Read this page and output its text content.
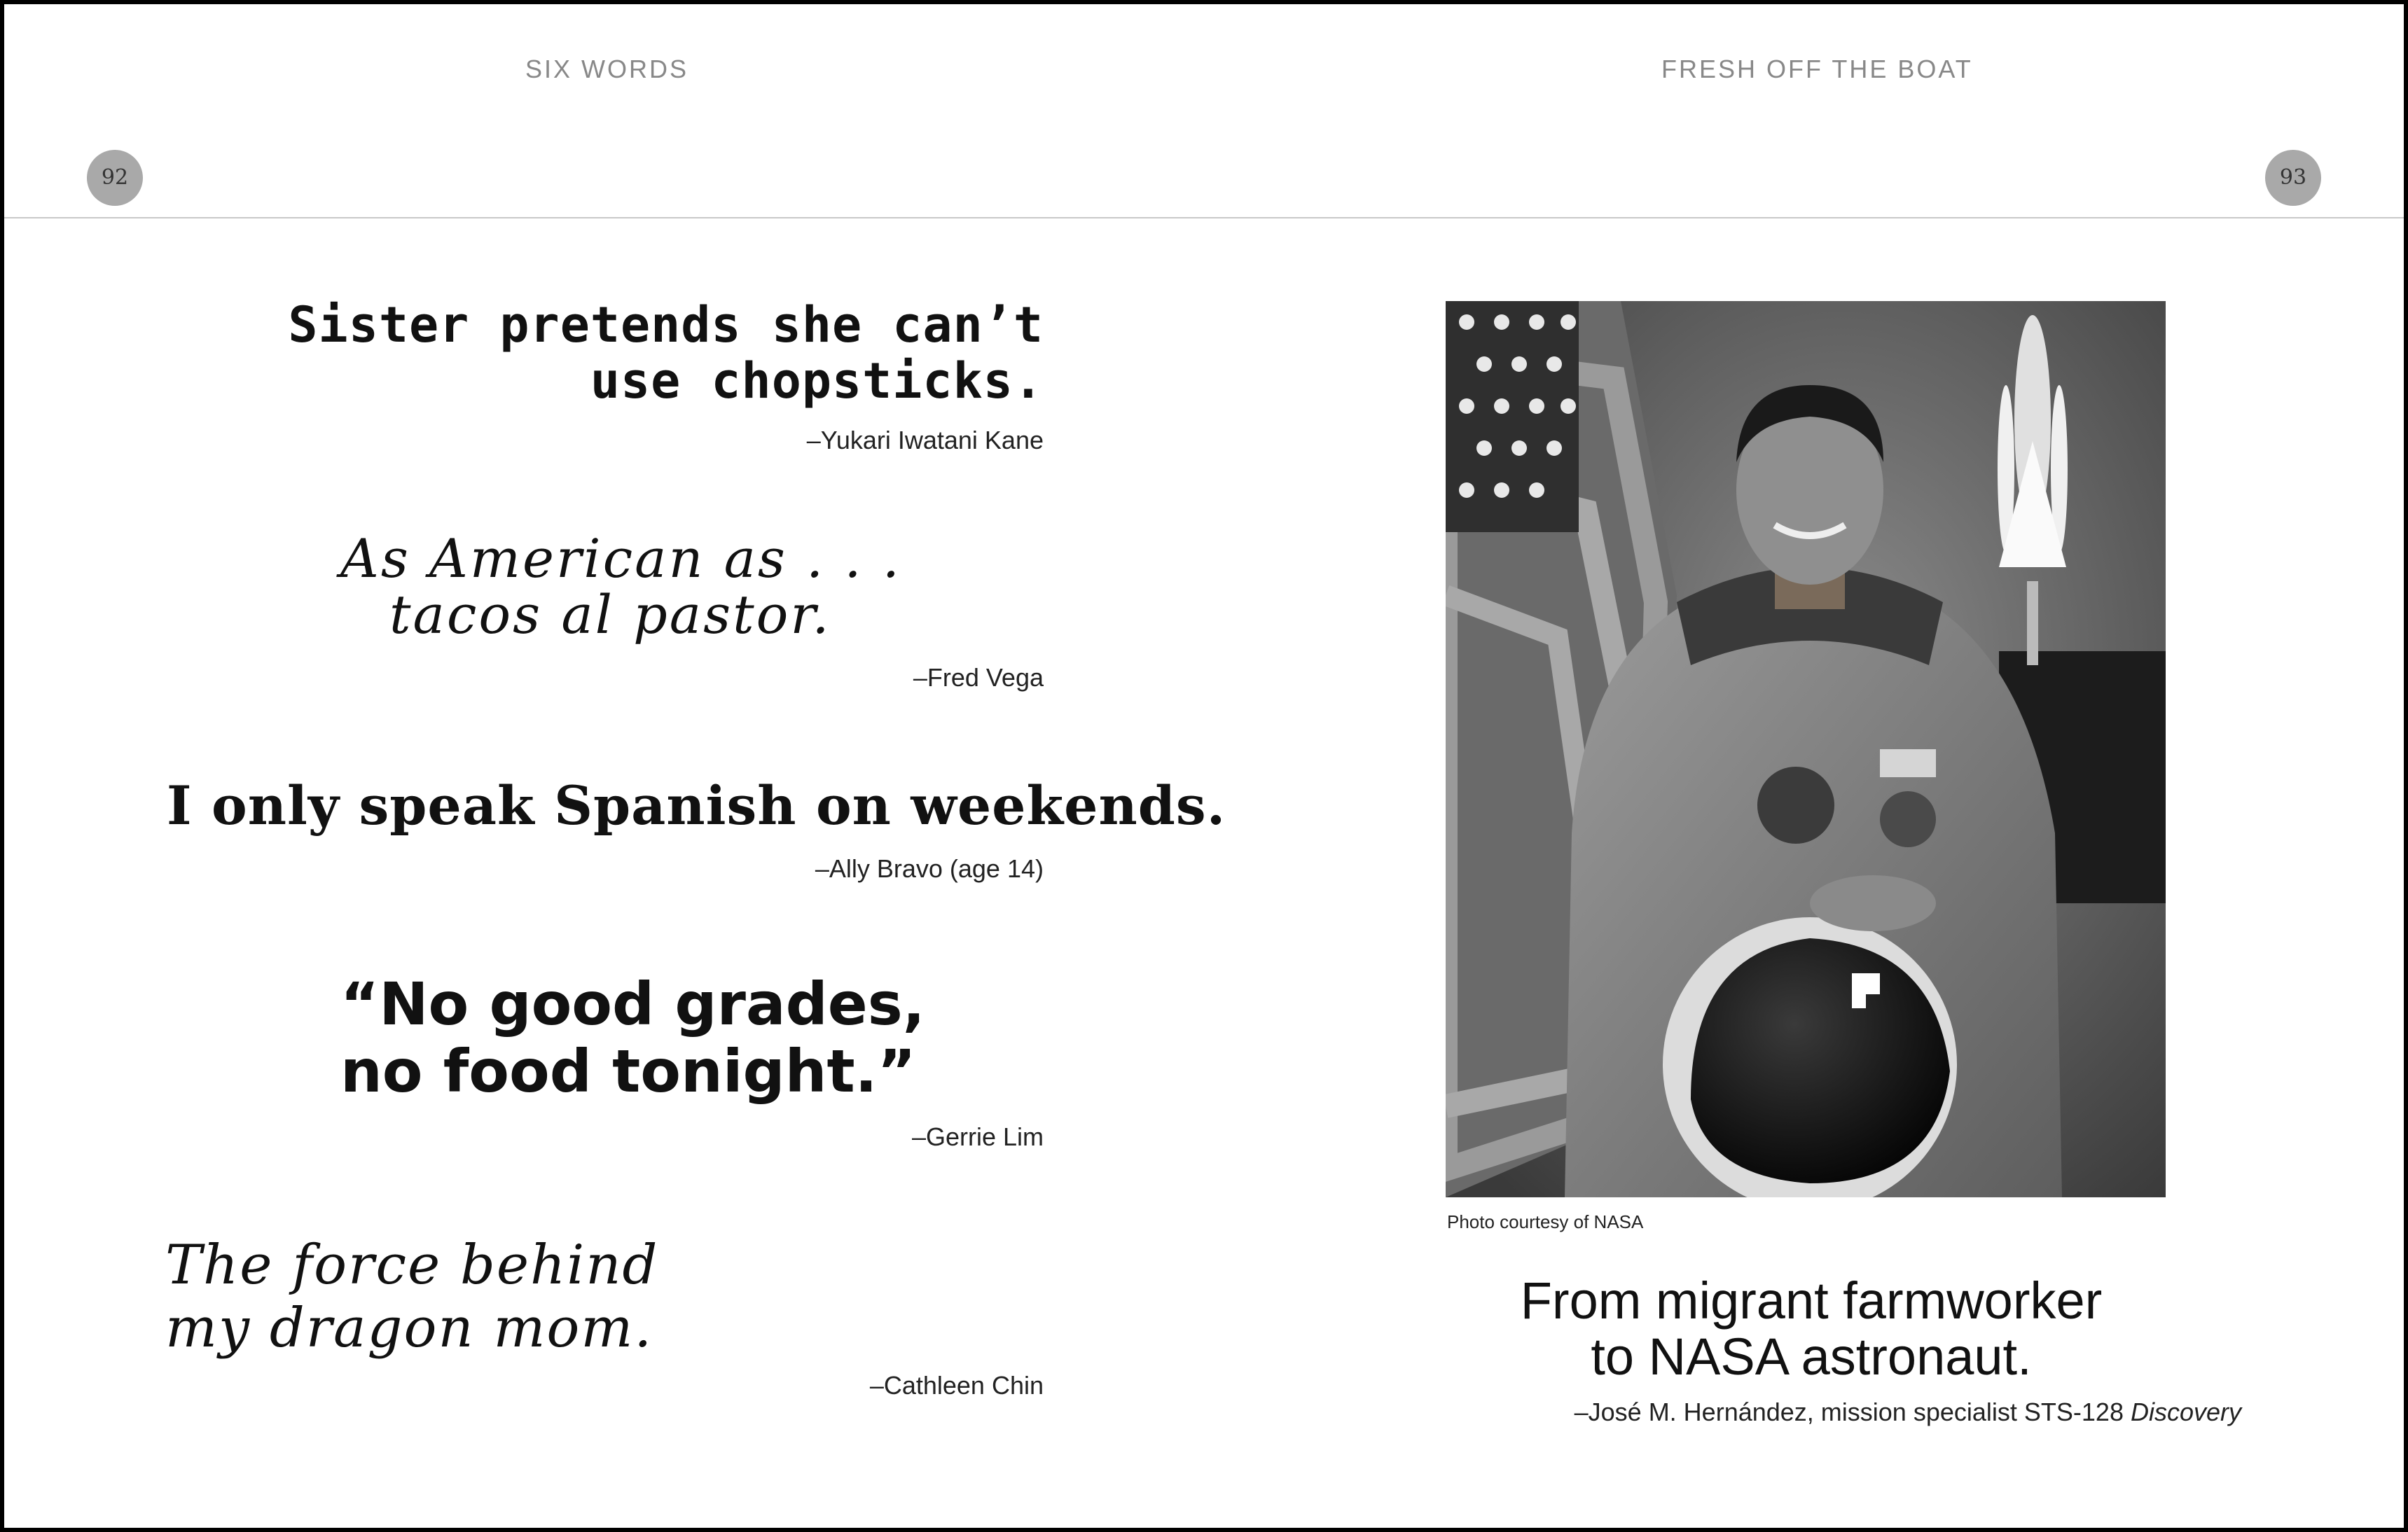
SIX WORDS	FRESH OFF THE BOAT
92	93
Sister pretends she can’t
use chopsticks.
–Yukari Iwatani Kane
As American as . . .
tacos al pastor.
–Fred Vega
I only speak Spanish on weekends.
–Ally Bravo (age 14)
“No good grades,
no food tonight.”
–Gerrie Lim
The force behind
my dragon mom.
–Cathleen Chin
Photo courtesy of NASA
From migrant farmworker
to NASA astronaut.
–José M. Hernández, mission specialist STS-128 Discovery
